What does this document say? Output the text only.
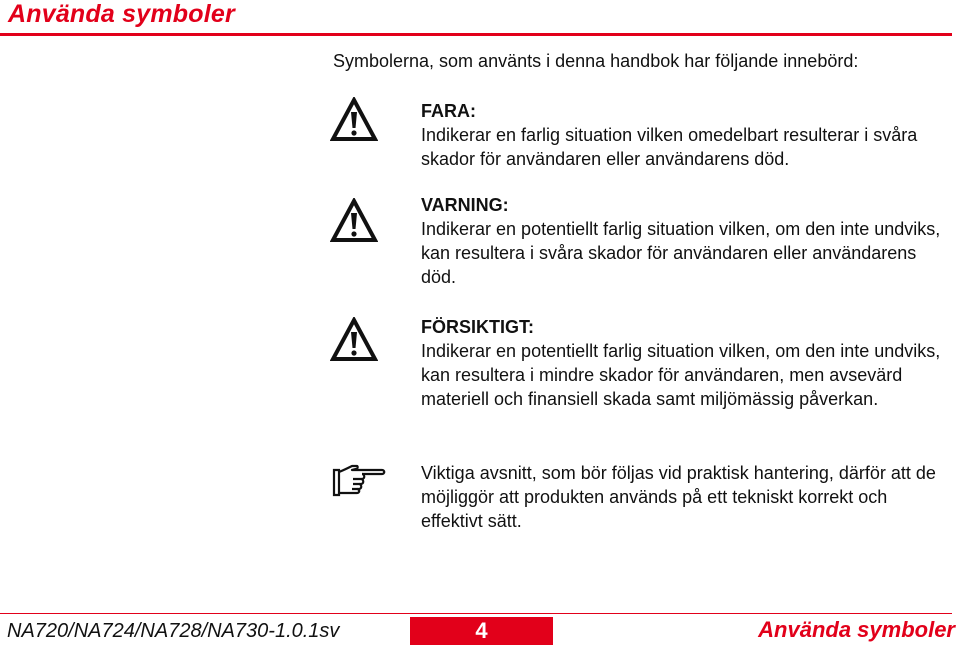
Använda symboler
Symbolerna, som använts i denna handbok har följande innebörd:
FARA:
Indikerar en farlig situation vilken omedelbart resulterar i svåra skador för användaren eller användarens död.
VARNING:
Indikerar en potentiellt farlig situation vilken, om den inte undviks, kan resultera i svåra skador för användaren eller användarens död.
FÖRSIKTIGT:
Indikerar en potentiellt farlig situation vilken, om den inte undviks, kan resultera i mindre skador för användaren, men avsevärd materiell och finansiell skada samt miljömässig påverkan.
Viktiga avsnitt, som bör följas vid praktisk hantering, därför att de möjliggör att produkten används på ett tekniskt korrekt och effektivt sätt.
NA720/NA724/NA728/NA730-1.0.1sv	4	Använda symboler
